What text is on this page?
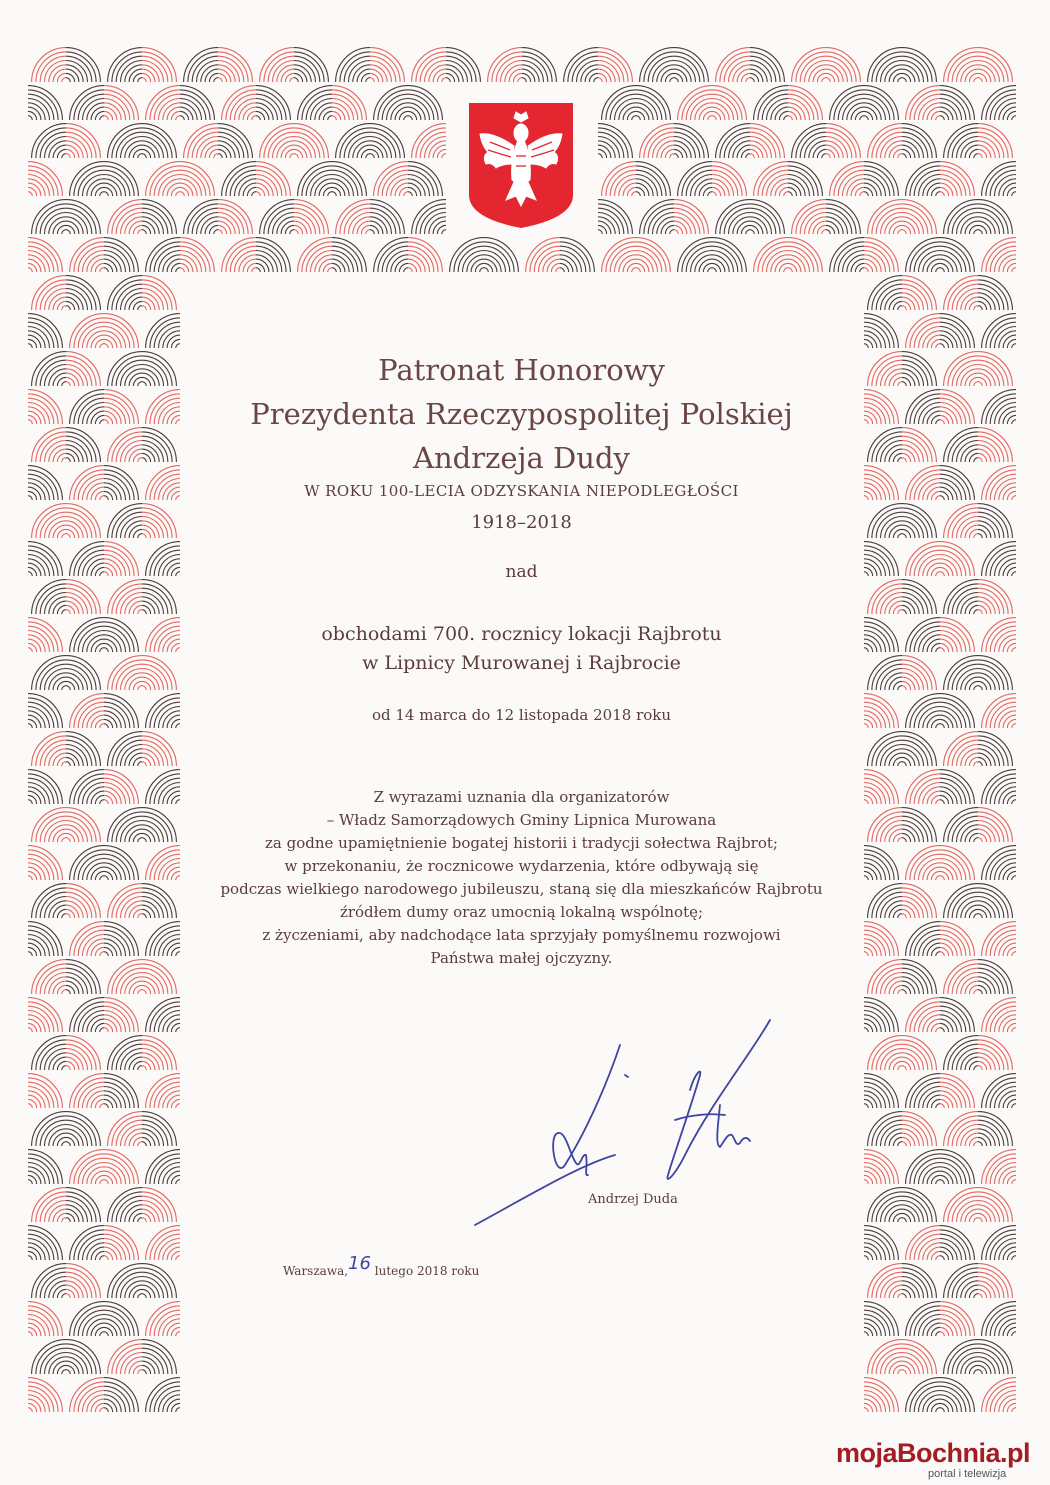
Patronat Honorowy
Prezydenta Rzeczypospolitej Polskiej
Andrzeja Dudy
W ROKU 100-LECIA ODZYSKANIA NIEPODLEGŁOŚCI
1918–2018
nad
obchodami 700. rocznicy lokacji Rajbrotu
w Lipnicy Murowanej i Rajbrocie
od 14 marca do 12 listopada 2018 roku
Z wyrazami uznania dla organizatorów
– Władz Samorządowych Gminy Lipnica Murowana
za godne upamiętnienie bogatej historii i tradycji sołectwa Rajbrot;
w przekonaniu, że rocznicowe wydarzenia, które odbywają się
podczas wielkiego narodowego jubileuszu, staną się dla mieszkańców Rajbrotu
źródłem dumy oraz umocnią lokalną wspólnotę;
z życzeniami, aby nadchodące lata sprzyjały pomyślnemu rozwojowi
Państwa małej ojczyzny.
Andrzej Duda
Warszawa,16 lutego 2018 roku
mojaBochnia.pl
portal i telewizja
